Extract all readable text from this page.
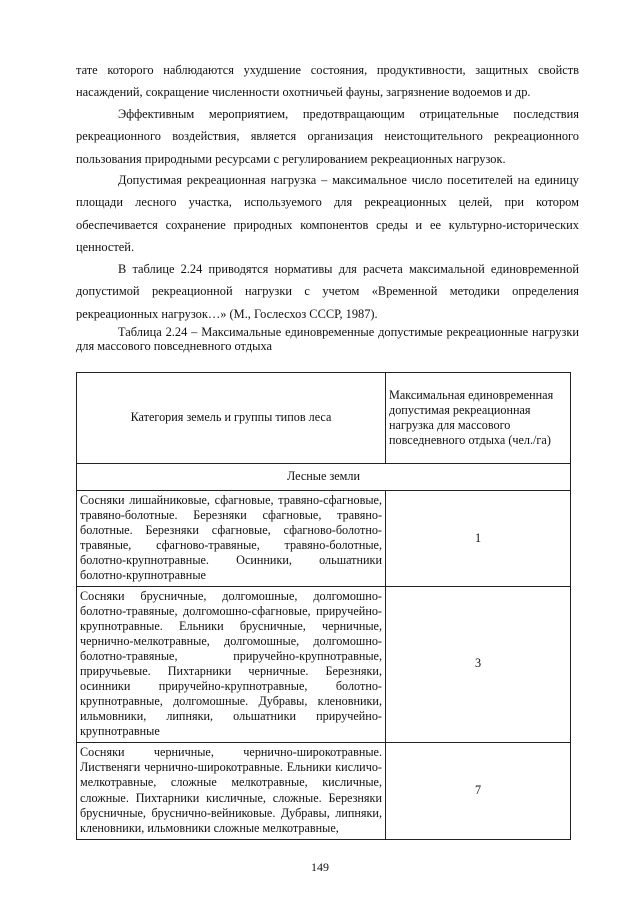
тате которого наблюдаются ухудшение состояния, продуктивности, защитных свойств насаждений, сокращение численности охотничьей фауны, загрязнение водоемов и др.

Эффективным мероприятием, предотвращающим отрицательные последствия рекреационного воздействия, является организация неистощительного рекреационного пользования природными ресурсами с регулированием рекреационных нагрузок.

Допустимая рекреационная нагрузка – максимальное число посетителей на единицу площади лесного участка, используемого для рекреационных целей, при котором обеспечивается сохранение природных компонентов среды и ее культурно-исторических ценностей.

В таблице 2.24 приводятся нормативы для расчета максимальной единовременной допустимой рекреационной нагрузки с учетом «Временной методики определения рекреационных нагрузок…» (М., Гослесхоз СССР, 1987).

Таблица 2.24 – Максимальные единовременные допустимые рекреационные нагрузки для массового повседневного отдыха

Категория земель и группы типов леса	Максимальная единовременная допустимая рекреационная нагрузка для массового повседневного отдыха (чел./га)
Лесные земли	
Сосняки лишайниковые, сфагновые, травяно-сфагновые, травяно-болотные. Березняки сфагновые, травяно-болотные. Березняки сфагновые, сфагново-болотно-травяные, сфагново-травяные, травяно-болотные, болотно-крупнотравные. Осинники, ольшатники болотно-крупнотравные	1
Сосняки брусничные, долгомошные, долгомошно-болотно-травяные, долгомошно-сфагновые, приручейно-крупнотравные. Ельники брусничные, черничные, чернично-мелкотравные, долгомошные, долгомошно-болотно-травяные, приручейно-крупнотравные, приручьевые. Пихтарники черничные. Березняки, осинники приручейно-крупнотравные, болотно-крупнотравные, долгомошные. Дубравы, кленовники, ильмовники, липняки, ольшатники приручейно-крупнотравные	3
Сосняки черничные, чернично-широкотравные. Лиственяги чернично-широкотравные. Ельники кисличо-мелкотравные, сложные мелкотравные, кисличные, сложные. Пихтарники кисличные, сложные. Березняки брусничные, бруснично-вейниковые. Дубравы, липняки, кленовники, ильмовники сложные мелкотравные,	7
149
